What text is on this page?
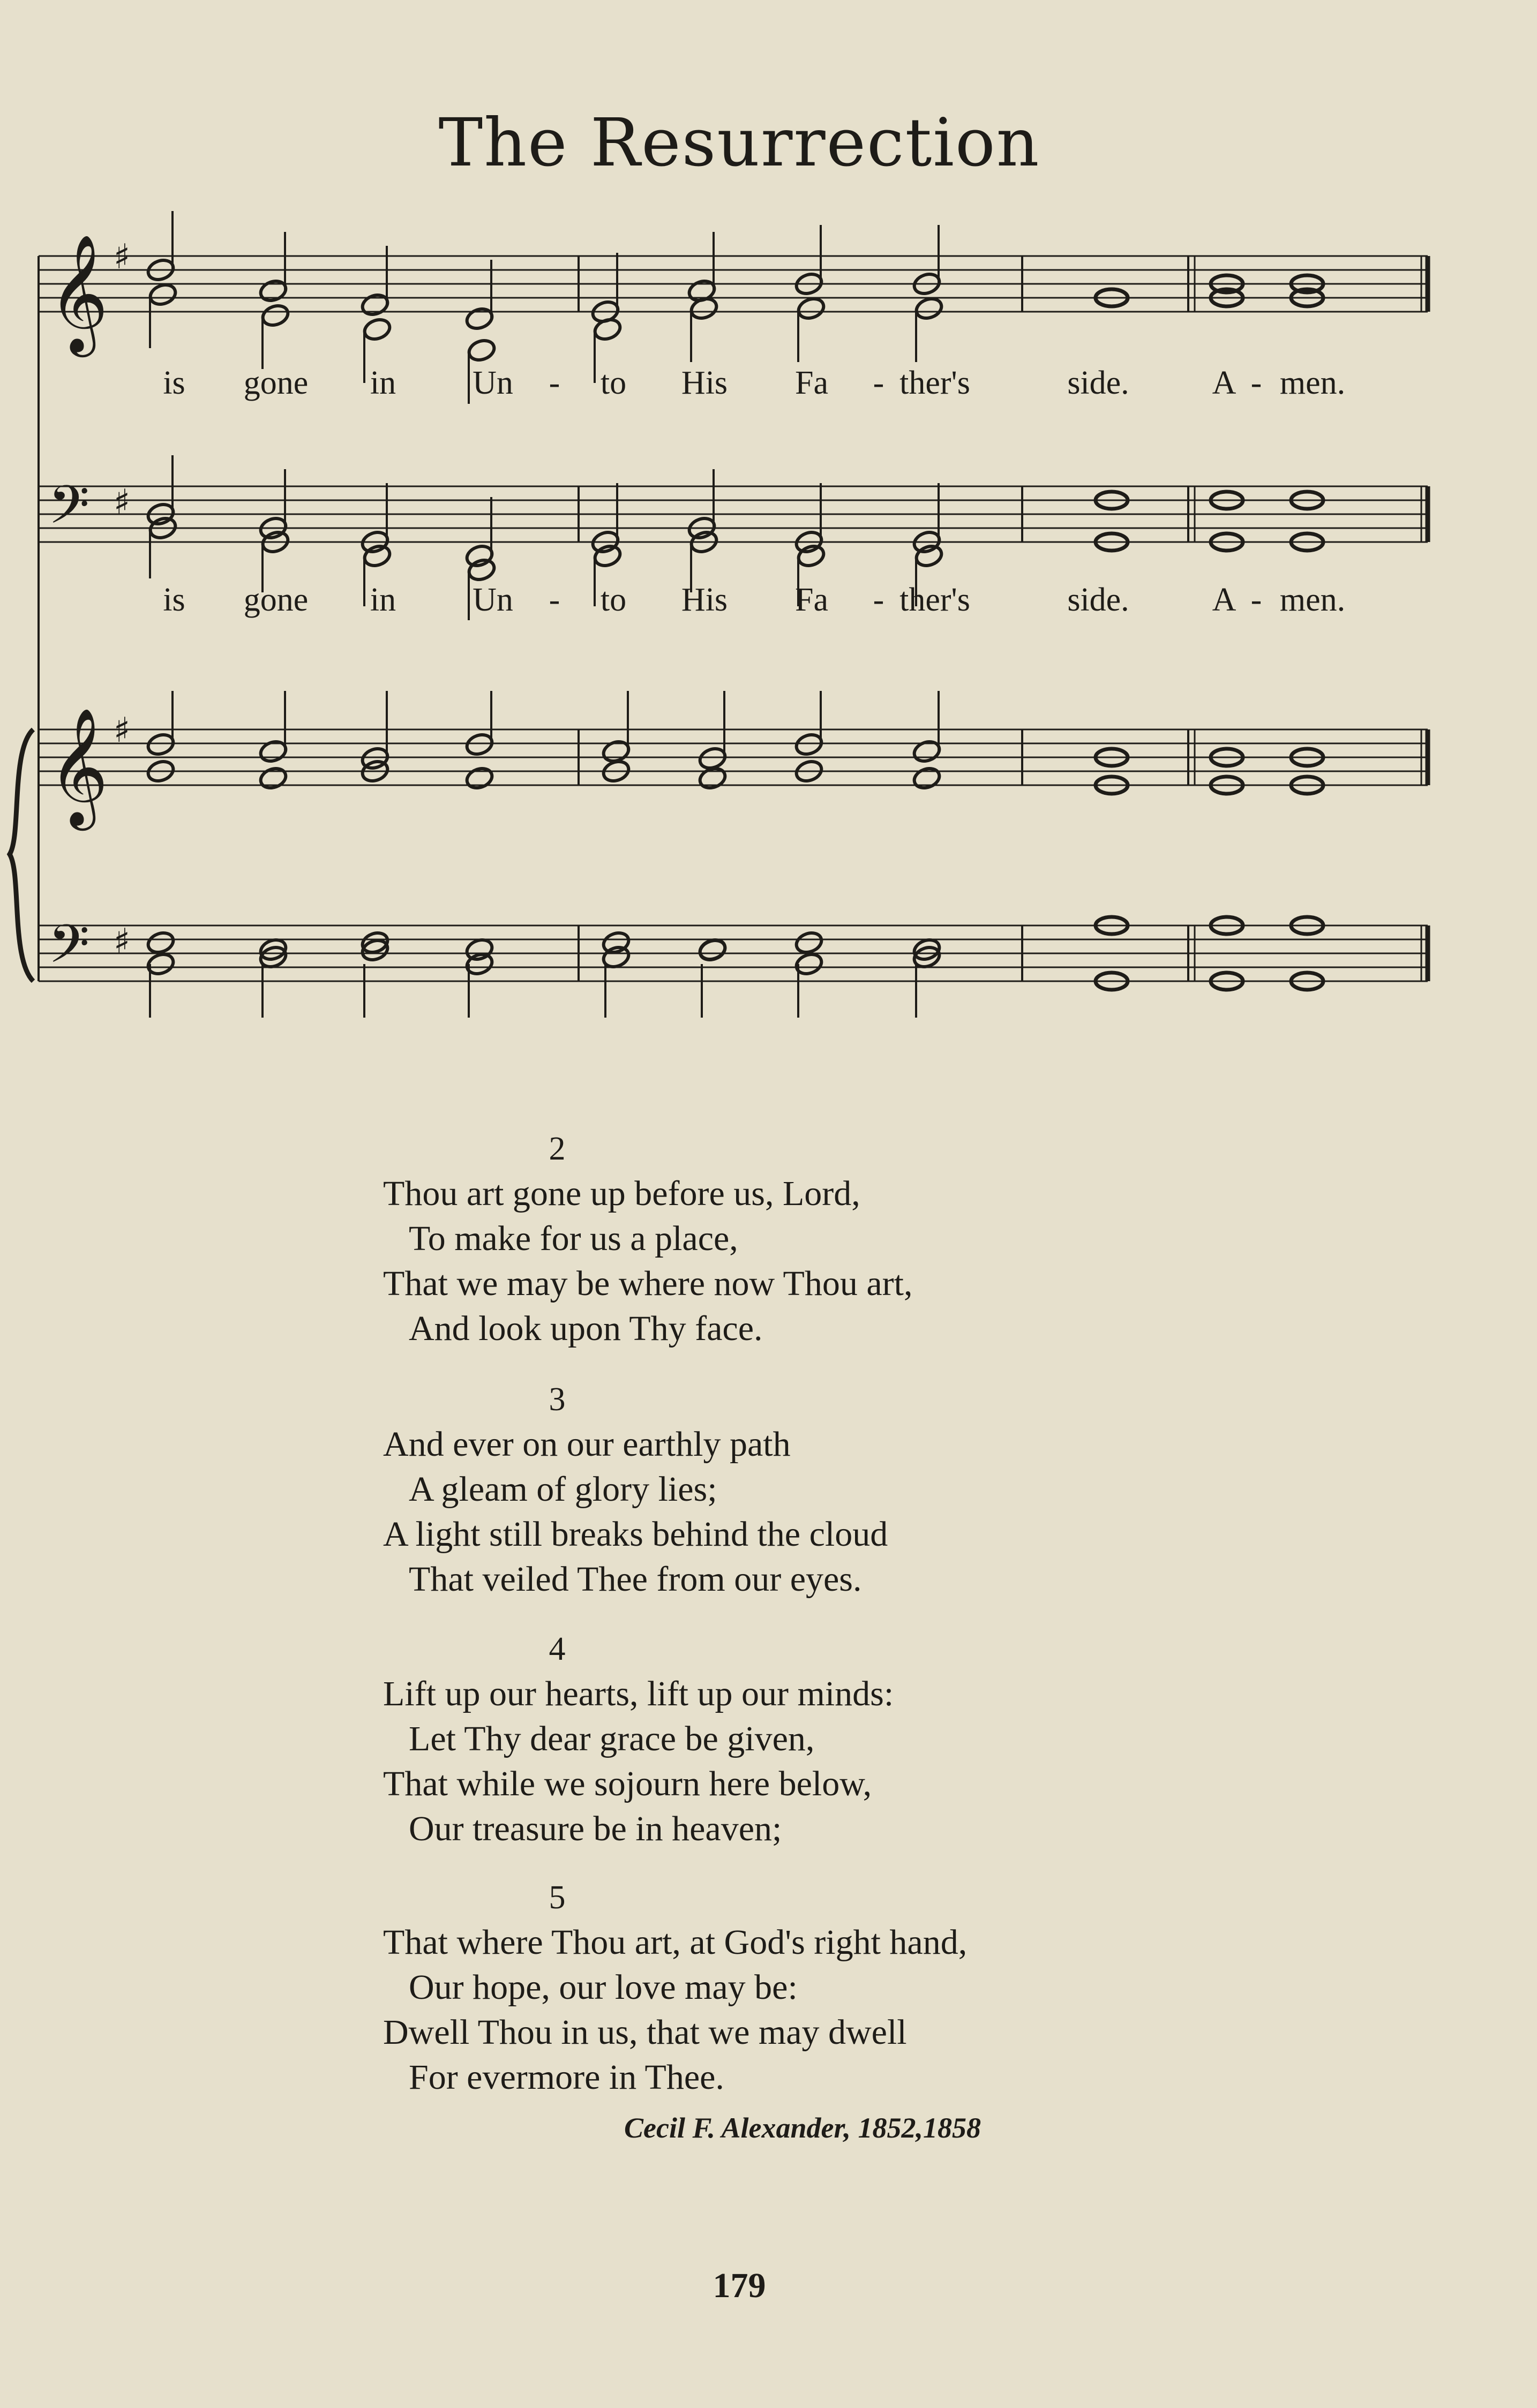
The Resurrection
𝄞 ♯
𝄢 ♯
𝄞 ♯
𝄢 ♯
is gone in Un - to His Fa - ther's	side. A - men.
is gone in Un - to His Fa - ther's	side. A - men.
2
Thou art gone up before us, Lord,
To make for us a place,
That we may be where now Thou art,
And look upon Thy face.
3
And ever on our earthly path
A gleam of glory lies;
A light still breaks behind the cloud
That veiled Thee from our eyes.
4
Lift up our hearts, lift up our minds:
Let Thy dear grace be given,
That while we sojourn here below,
Our treasure be in heaven;
5
That where Thou art, at God's right hand,
Our hope, our love may be:
Dwell Thou in us, that we may dwell
For evermore in Thee.
Cecil F. Alexander, 1852,1858
179
